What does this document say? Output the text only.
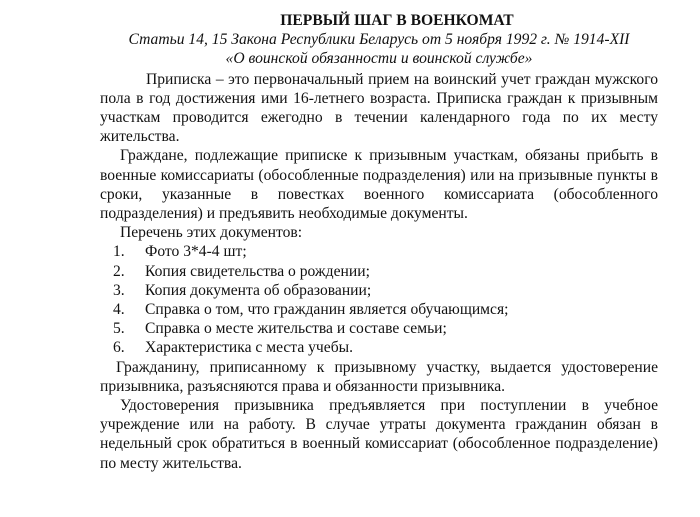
ПЕРВЫЙ ШАГ В ВОЕНКОМАТ

Статьи 14, 15 Закона Республики Беларусь от 5 ноября 1992 г. № 1914-XII

«О воинской обязанности и воинской службе»

Приписка – это первоначальный прием на воинский учет граждан мужского пола в год достижения ими 16-летнего возраста. Приписка граждан к призывным участкам проводится ежегодно в течении календарного года по их месту жительства.

Граждане, подлежащие приписке к призывным участкам, обязаны прибыть в военные комиссариаты (обособленные подразделения) или на призывные пункты в сроки, указанные в повестках военного комиссариата (обособленного подразделения) и предъявить необходимые документы.

Перечень этих документов:

1.	Фото 3*4-4 шт;
2.	Копия свидетельства о рождении;
3.	Копия документа об образовании;
4.	Справка о том, что гражданин является обучающимся;
5.	Справка о месте жительства и составе семьи;
6.	Характеристика с места учебы.

Гражданину, приписанному к призывному участку, выдается удостоверение призывника, разъясняются права и обязанности призывника.

Удостоверения призывника предъявляется при поступлении в учебное учреждение или на работу. В случае утраты документа гражданин обязан в недельный срок обратиться в военный комиссариат (обособленное подразделение) по месту жительства.
